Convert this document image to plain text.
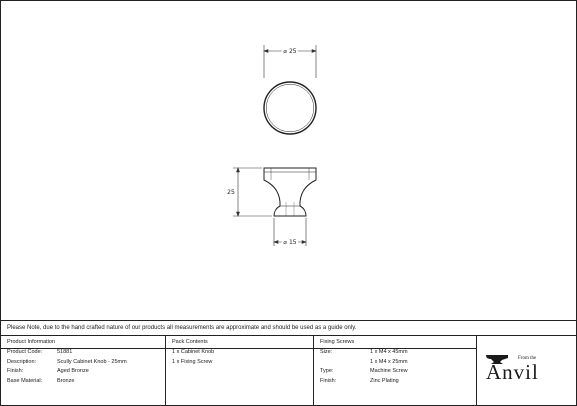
⌀ 25
25
⌀ 15
Please Note, due to the hand crafted nature of our products all measurements are approximate and should be used as a guide only.
Product Information	Pack Contents	Fixing Screws
Product Code:	51881
Description:	Scully Cabinet Knob - 25mm
Finish:	Aged Bronze
Base Material:	Bronze
1 x Cabinet Knob
1 x Fixing Screw
Size:	1 x M4 x 45mm
1 x M4 x 25mm
Type:	Machine Screw
Finish:	Zinc Plating
From the
Anvil
